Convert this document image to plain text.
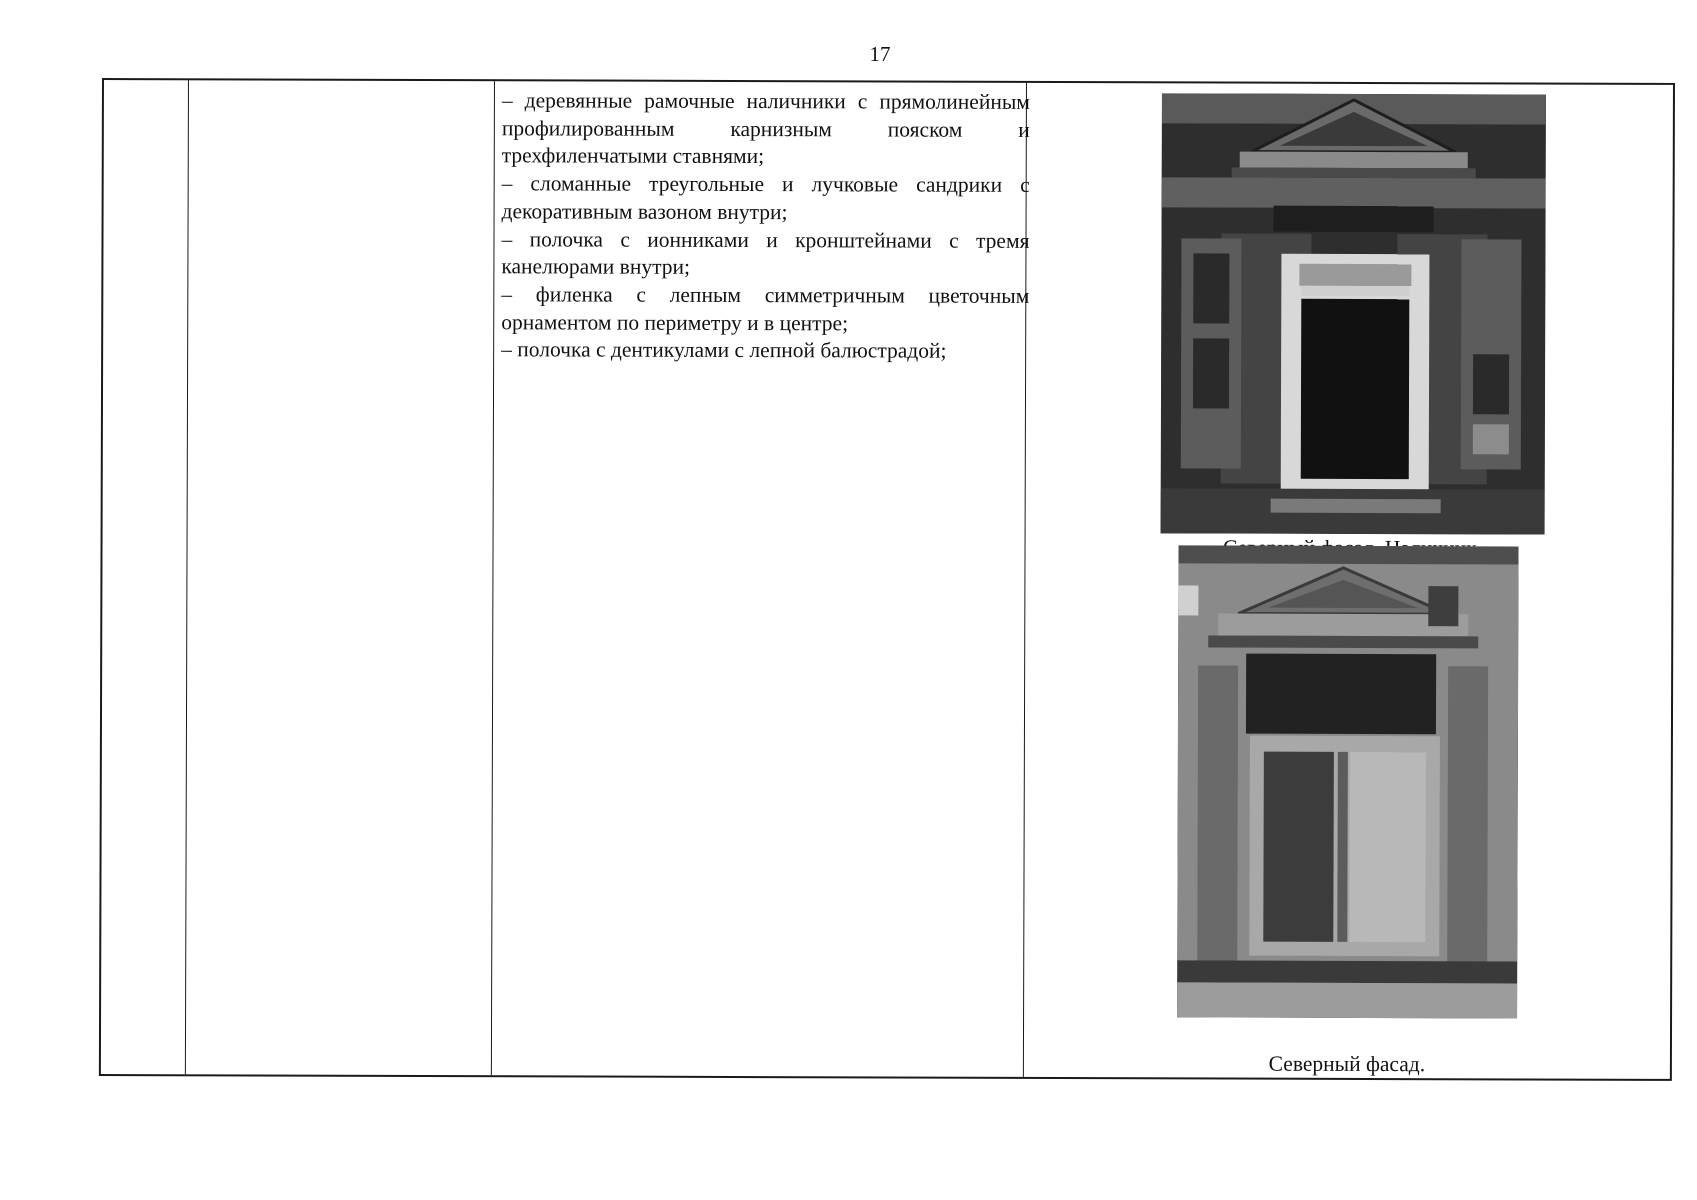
17

– деревянные рамочные наличники с прямолинейным профилированным карнизным пояском и трехфиленчатыми ставнями;

– сломанные треугольные и лучковые сандрики с декоративным вазоном внутри;

– полочка с ионниками и кронштейнами с тремя канелюрами внутри;

– филенка с лепным симметричным цветочным орнаментом по периметру и в центре;

– полочка с дентикулами с лепной балюстрадой;

Северный фасад.
